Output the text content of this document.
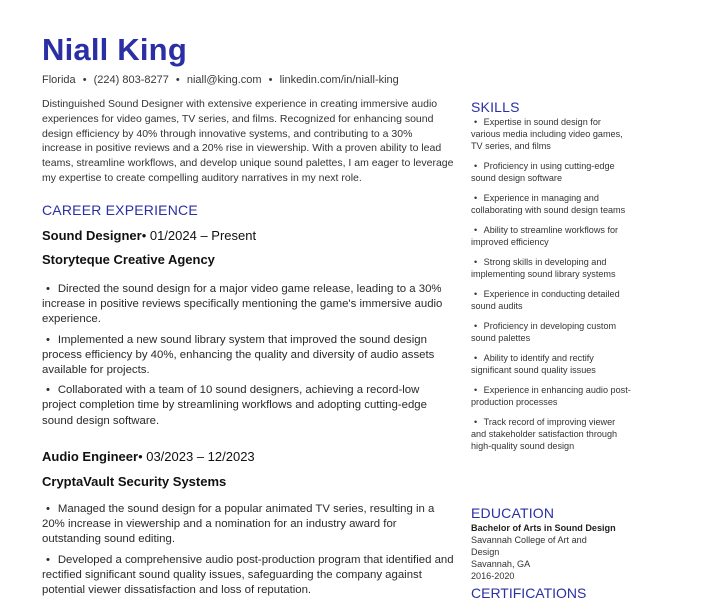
Niall King
Florida • (224) 803-8277 • niall@king.com • linkedin.com/in/niall-king

Distinguished Sound Designer with extensive experience in creating immersive audio experiences for video games, TV series, and films. Recognized for enhancing sound design efficiency by 40% through innovative systems, and contributing to a 30% increase in positive reviews and a 20% rise in viewership. With a proven ability to lead teams, streamline workflows, and develop unique sound palettes, I am eager to leverage my expertise to create compelling auditory narratives in my next role.

CAREER EXPERIENCE
Sound Designer• 01/2024 – Present
Storyteque Creative Agency
• Directed the sound design for a major video game release, leading to a 30% increase in positive reviews specifically mentioning the game's immersive audio experience.
• Implemented a new sound library system that improved the sound design process efficiency by 40%, enhancing the quality and diversity of audio assets available for projects.
• Collaborated with a team of 10 sound designers, achieving a record-low project completion time by streamlining workflows and adopting cutting-edge sound design software.
Audio Engineer• 03/2023 – 12/2023
CryptaVault Security Systems
• Managed the sound design for a popular animated TV series, resulting in a 20% increase in viewership and a nomination for an industry award for outstanding sound editing.
• Developed a comprehensive audio post-production program that identified and rectified significant sound quality issues, safeguarding the company against potential viewer dissatisfaction and loss of reputation.
SKILLS
• Expertise in sound design for various media including video games, TV series, and films
• Proficiency in using cutting-edge sound design software
• Experience in managing and collaborating with sound design teams
• Ability to streamline workflows for improved efficiency
• Strong skills in developing and implementing sound library systems
• Experience in conducting detailed sound audits
• Proficiency in developing custom sound palettes
• Ability to identify and rectify significant sound quality issues
• Experience in enhancing audio post-production processes
• Track record of improving viewer and stakeholder satisfaction through high-quality sound design
EDUCATION
Bachelor of Arts in Sound Design
Savannah College of Art and
Design
Savannah, GA
2016-2020
CERTIFICATIONS
